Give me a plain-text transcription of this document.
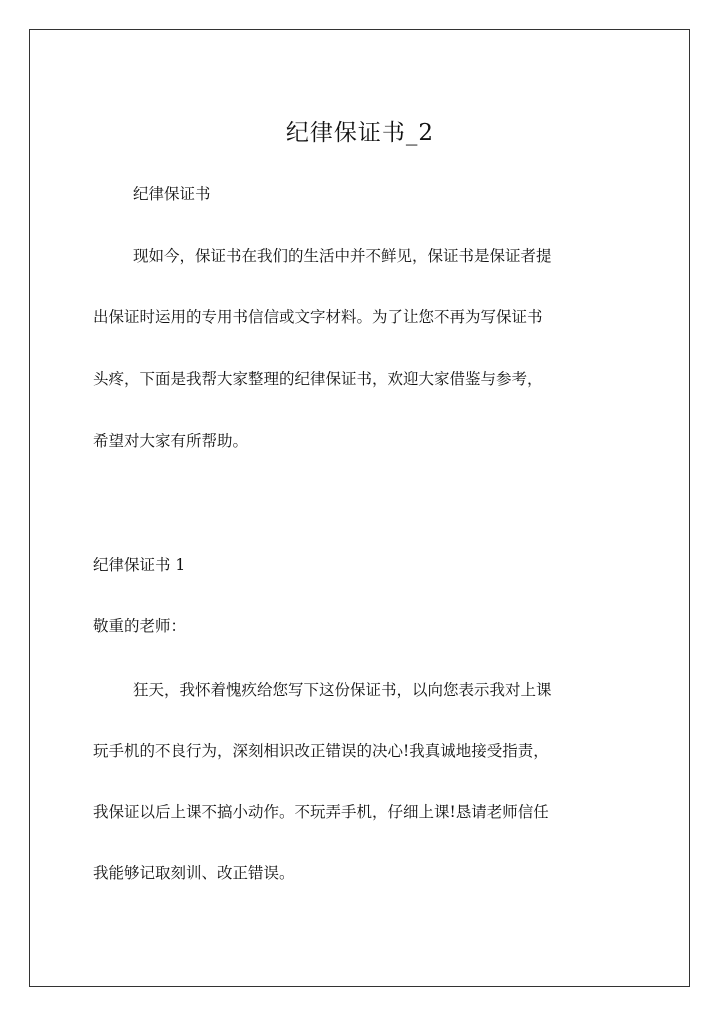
纪律保证书_2
纪律保证书
现如今，保证书在我们的生活中并不鲜见，保证书是保证者提
出保证时运用的专用书信信或文字材料。为了让您不再为写保证书
头疼，下面是我帮大家整理的纪律保证书，欢迎大家借鉴与参考，
希望对大家有所帮助。
纪律保证书 1
敬重的老师：
狂天，我怀着愧疚给您写下这份保证书，以向您表示我对上课
玩手机的不良行为，深刻相识改正错误的决心!我真诚地接受指责，
我保证以后上课不搞小动作。不玩弄手机，仔细上课!恳请老师信任
我能够记取刻训、改正错误。
